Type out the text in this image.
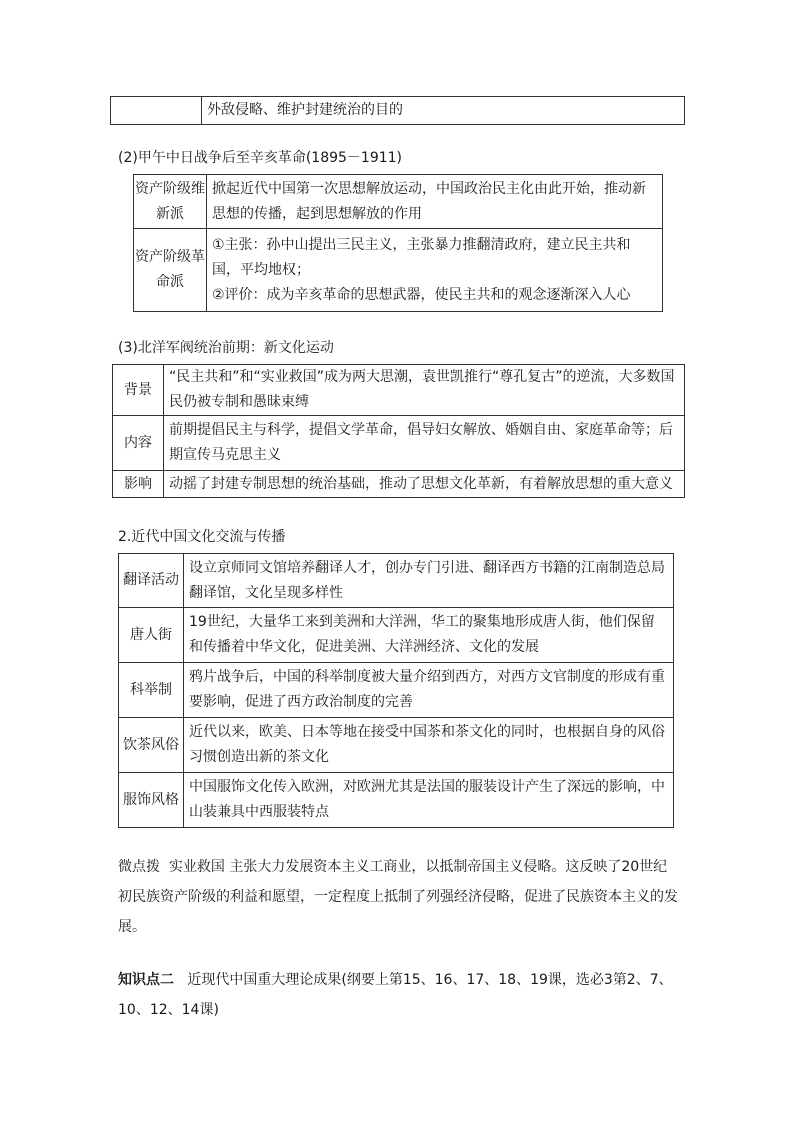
	外敌侵略、维护封建统治的目的
(2)甲午中日战争后至辛亥革命(1895－1911)
资产阶级维新派	掀起近代中国第一次思想解放运动，中国政治民主化由此开始，推动新思想的传播，起到思想解放的作用
资产阶级革命派	①主张：孙中山提出三民主义，主张暴力推翻清政府，建立民主共和国，平均地权；
②评价：成为辛亥革命的思想武器，使民主共和的观念逐渐深入人心
(3)北洋军阀统治前期：新文化运动
背景	“民主共和”和“实业救国”成为两大思潮，袁世凯推行“尊孔复古”的逆流，大多数国民仍被专制和愚昧束缚
内容	前期提倡民主与科学，提倡文学革命，倡导妇女解放、婚姻自由、家庭革命等；后期宣传马克思主义
影响	动摇了封建专制思想的统治基础，推动了思想文化革新，有着解放思想的重大意义
2.近代中国文化交流与传播
翻译活动	设立京师同文馆培养翻译人才，创办专门引进、翻译西方书籍的江南制造总局翻译馆，文化呈现多样性
唐人街	19世纪，大量华工来到美洲和大洋洲，华工的聚集地形成唐人街，他们保留和传播着中华文化，促进美洲、大洋洲经济、文化的发展
科举制	鸦片战争后，中国的科举制度被大量介绍到西方，对西方文官制度的形成有重要影响，促进了西方政治制度的完善
饮茶风俗	近代以来，欧美、日本等地在接受中国茶和茶文化的同时，也根据自身的风俗习惯创造出新的茶文化
服饰风格	中国服饰文化传入欧洲，对欧洲尤其是法国的服装设计产生了深远的影响，中山装兼具中西服装特点
微点拨 实业救国 主张大力发展资本主义工商业，以抵制帝国主义侵略。这反映了20世纪初民族资产阶级的利益和愿望，一定程度上抵制了列强经济侵略，促进了民族资本主义的发展。
知识点二 近现代中国重大理论成果(纲要上第15、16、17、18、19课，选必3第2、7、10、12、14课)
